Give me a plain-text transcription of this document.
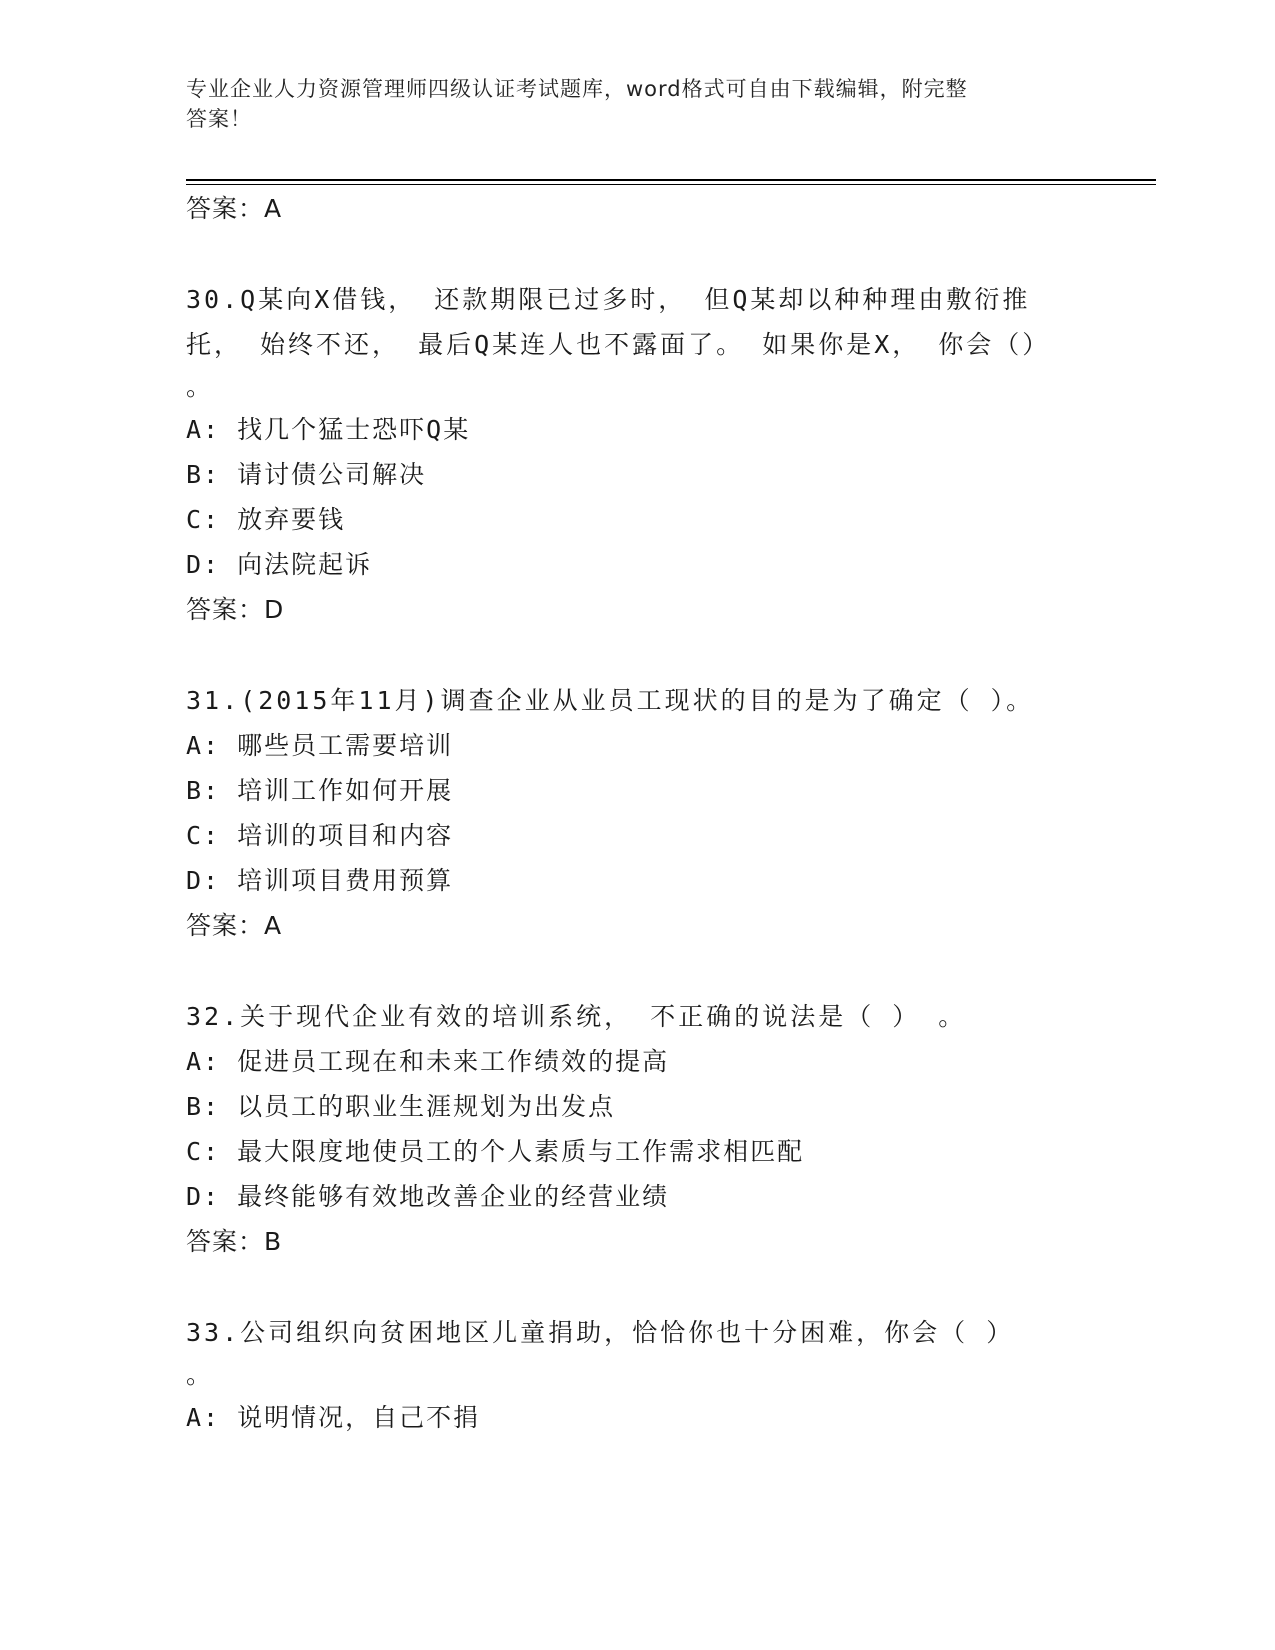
专业企业人力资源管理师四级认证考试题库，word格式可自由下载编辑，附完整
答案！
答案：A
30.Q某向X借钱， 还款期限已过多时， 但Q某却以种种理由敷衍推
托， 始终不还， 最后Q某连人也不露面了。 如果你是X， 你会（）
。
A: 找几个猛士恐吓Q某
B: 请讨债公司解决
C: 放弃要钱
D: 向法院起诉
答案：D
31.(2015年11月)调查企业从业员工现状的目的是为了确定（ ）。
A: 哪些员工需要培训
B: 培训工作如何开展
C: 培训的项目和内容
D: 培训项目费用预算
答案：A
32.关于现代企业有效的培训系统， 不正确的说法是（ ） 。
A: 促进员工现在和未来工作绩效的提高
B: 以员工的职业生涯规划为出发点
C: 最大限度地使员工的个人素质与工作需求相匹配
D: 最终能够有效地改善企业的经营业绩
答案：B
33.公司组织向贫困地区儿童捐助，恰恰你也十分困难，你会（ ）
。
A: 说明情况，自己不捐
